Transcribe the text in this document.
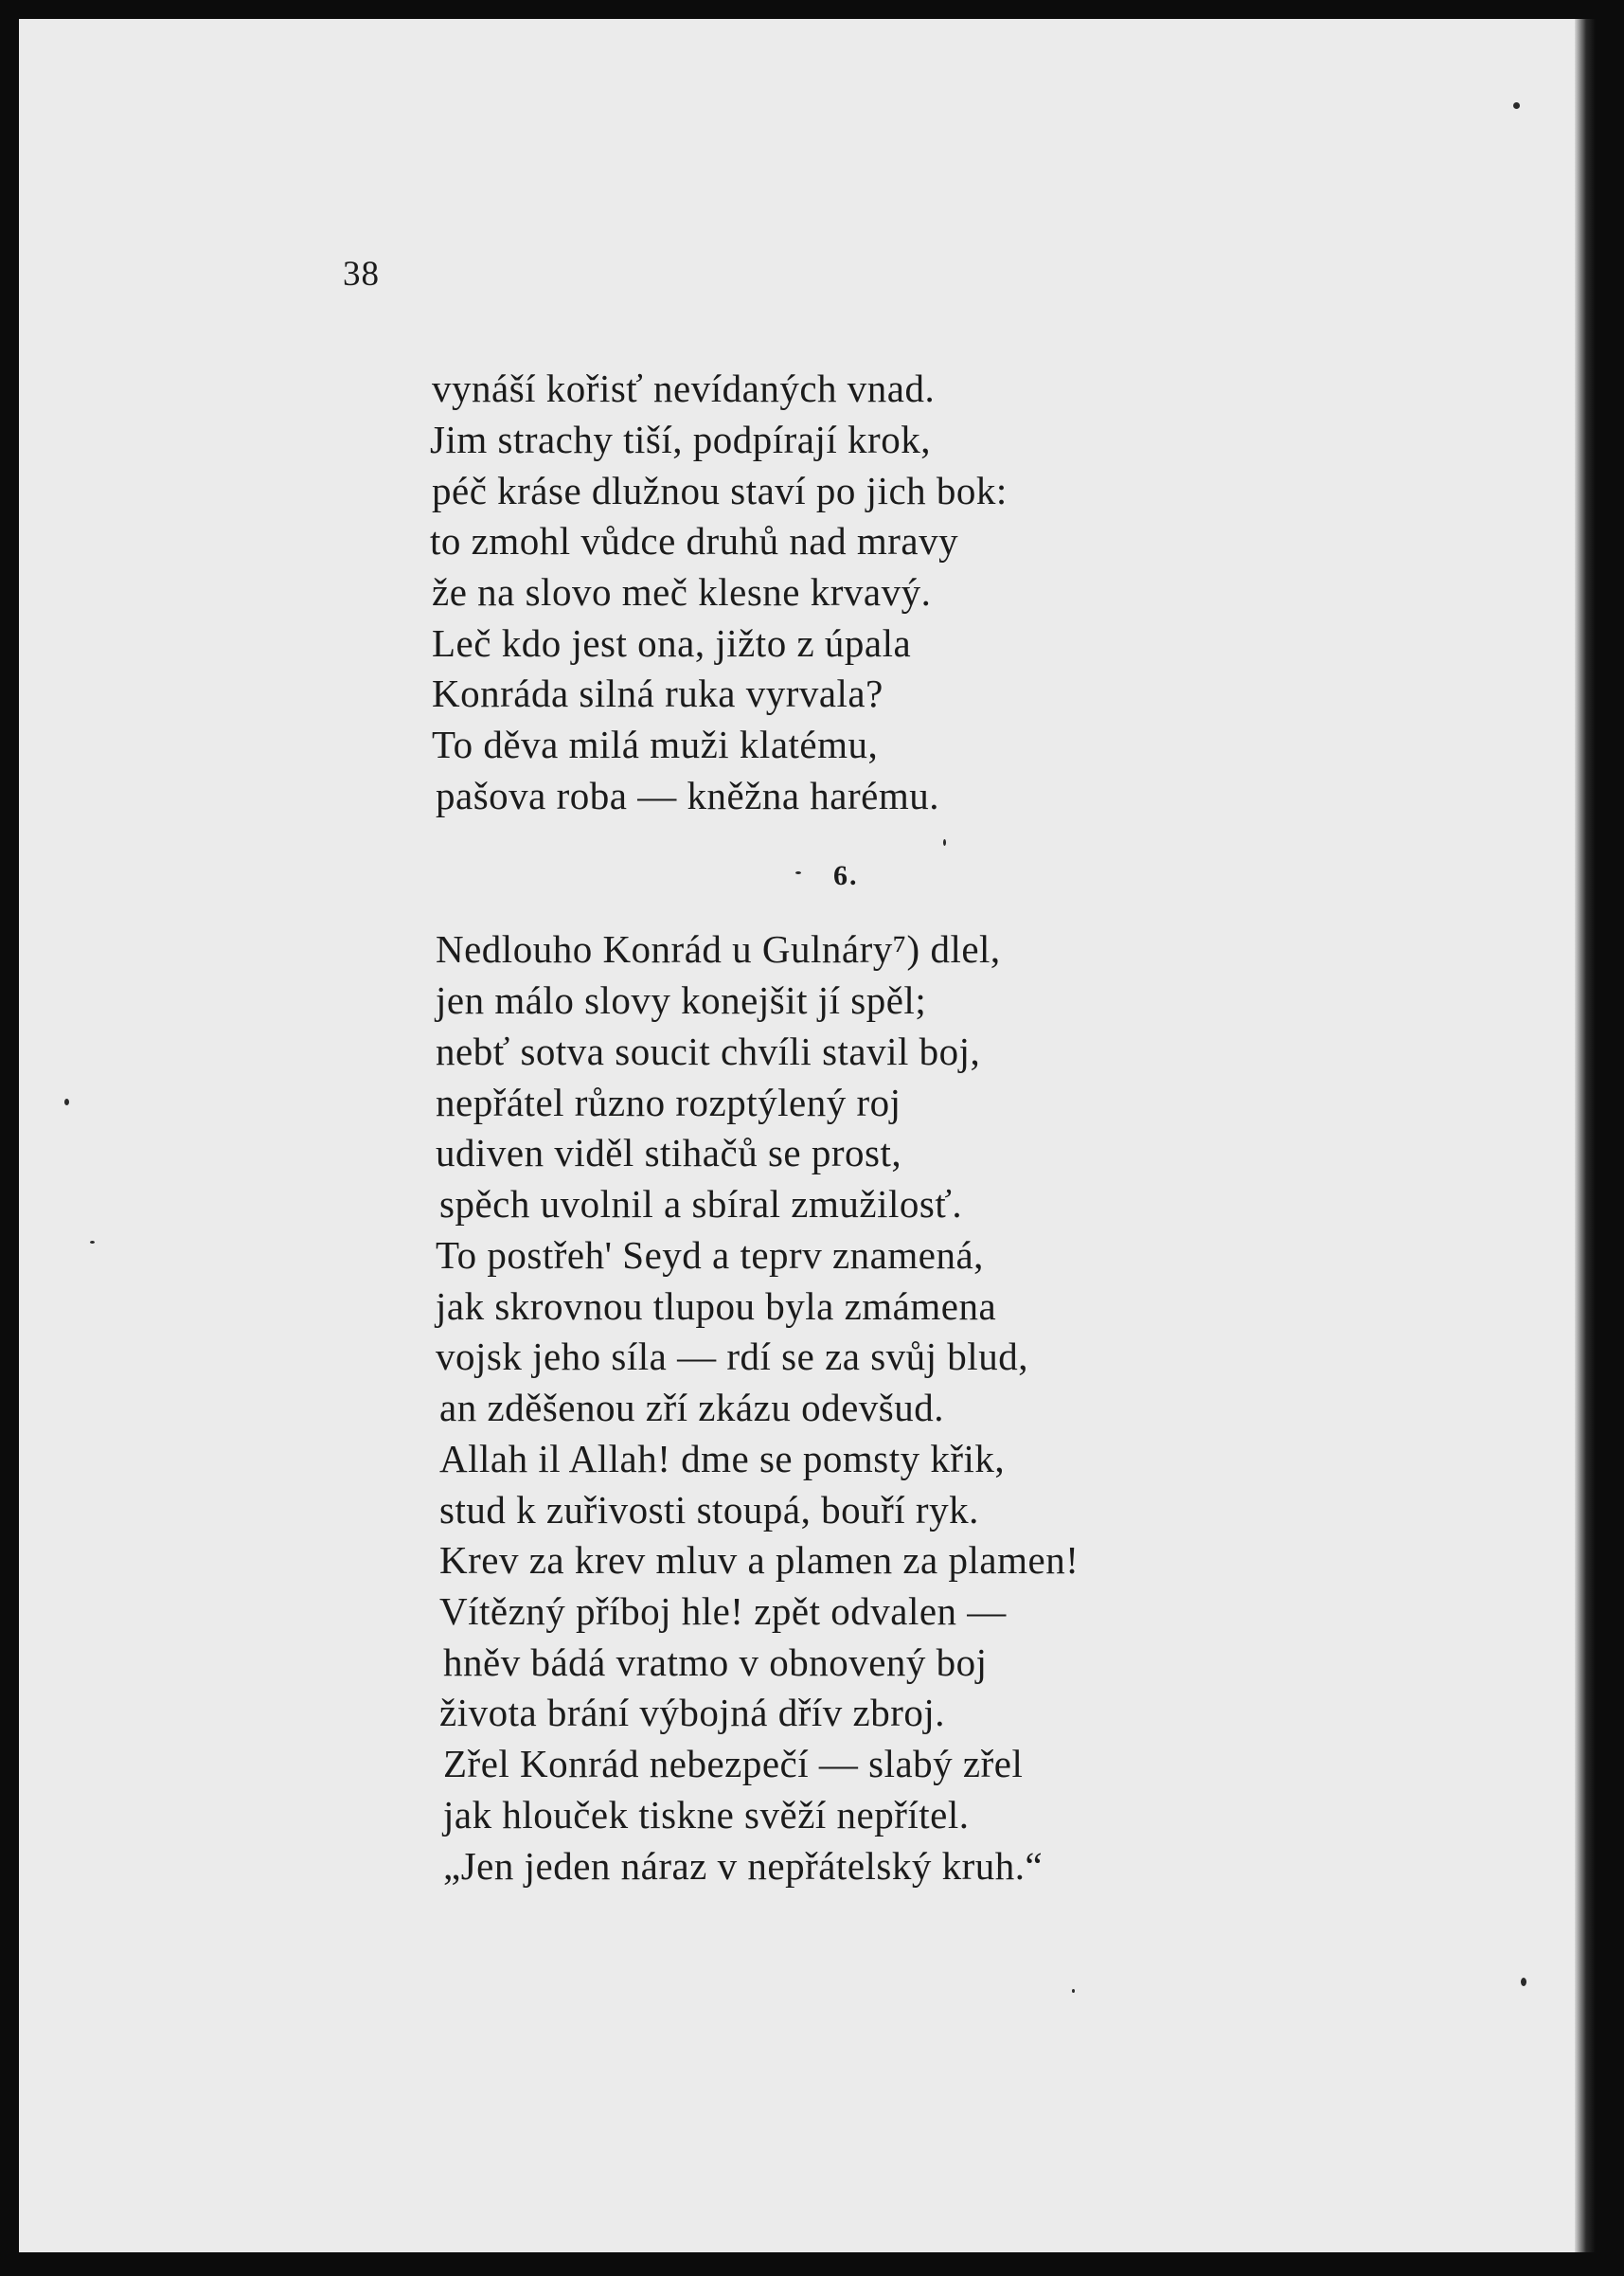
38
vynáší kořisť nevídaných vnad.
Jim strachy tiší, podpírají krok,
péč kráse dlužnou staví po jich bok:
to zmohl vůdce druhů nad mravy
že na slovo meč klesne krvavý.
Leč kdo jest ona, jižto z úpala
Konráda silná ruka vyrvala?
To děva milá muži klatému,
pašova roba — kněžna harému.
6.
Nedlouho Konrád u Gulnáry⁷) dlel,
jen málo slovy konejšit jí spěl;
nebť sotva soucit chvíli stavil boj,
nepřátel různo rozptýlený roj
udiven viděl stihačů se prost,
spěch uvolnil a sbíral zmužilosť.
To postřeh' Seyd a teprv znamená,
jak skrovnou tlupou byla zmámena
vojsk jeho síla — rdí se za svůj blud,
an zděšenou zří zkázu odevšud.
Allah il Allah! dme se pomsty křik,
stud k zuřivosti stoupá, bouří ryk.
Krev za krev mluv a plamen za plamen!
Vítězný příboj hle! zpět odvalen —
hněv bádá vratmo v obnovený boj
života brání výbojná dřív zbroj.
Zřel Konrád nebezpečí — slabý zřel
jak hlouček tiskne svěží nepřítel.
„Jen jeden náraz v nepřátelský kruh.“
